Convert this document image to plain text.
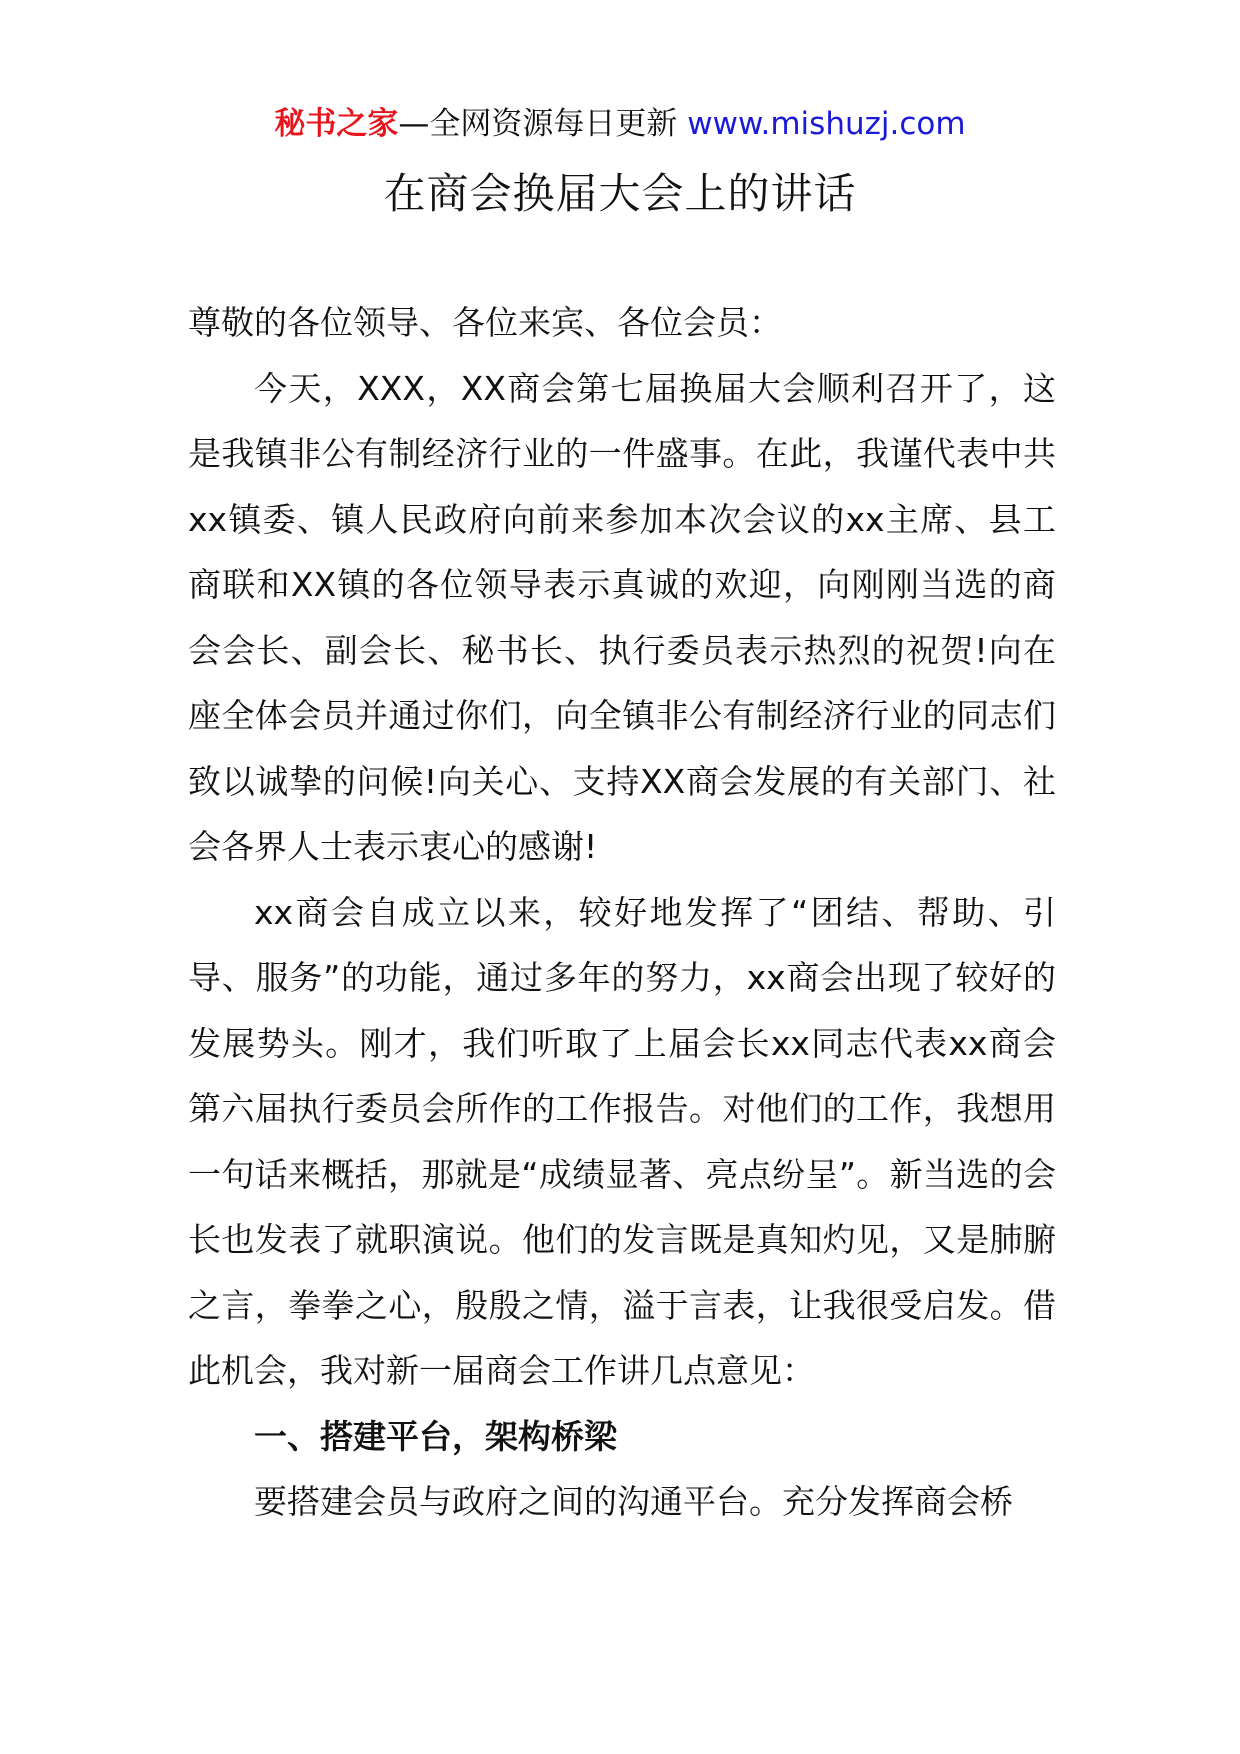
秘书之家—全网资源每日更新 www.mishuzj.com
在商会换届大会上的讲话

尊敬的各位领导、各位来宾、各位会员：

今天，XXX，XX商会第七届换届大会顺利召开了，这是我镇非公有制经济行业的一件盛事。在此，我谨代表中共xx镇委、镇人民政府向前来参加本次会议的xx主席、县工商联和XX镇的各位领导表示真诚的欢迎，向刚刚当选的商会会长、副会长、秘书长、执行委员表示热烈的祝贺!向在座全体会员并通过你们，向全镇非公有制经济行业的同志们致以诚挚的问候!向关心、支持XX商会发展的有关部门、社会各界人士表示衷心的感谢!

xx商会自成立以来，较好地发挥了“团结、帮助、引导、服务”的功能，通过多年的努力，xx商会出现了较好的发展势头。刚才，我们听取了上届会长xx同志代表xx商会第六届执行委员会所作的工作报告。对他们的工作，我想用一句话来概括，那就是“成绩显著、亮点纷呈”。新当选的会长也发表了就职演说。他们的发言既是真知灼见，又是肺腑之言，拳拳之心，殷殷之情，溢于言表，让我很受启发。借此机会，我对新一届商会工作讲几点意见：

一、搭建平台，架构桥梁

要搭建会员与政府之间的沟通平台。充分发挥商会桥
